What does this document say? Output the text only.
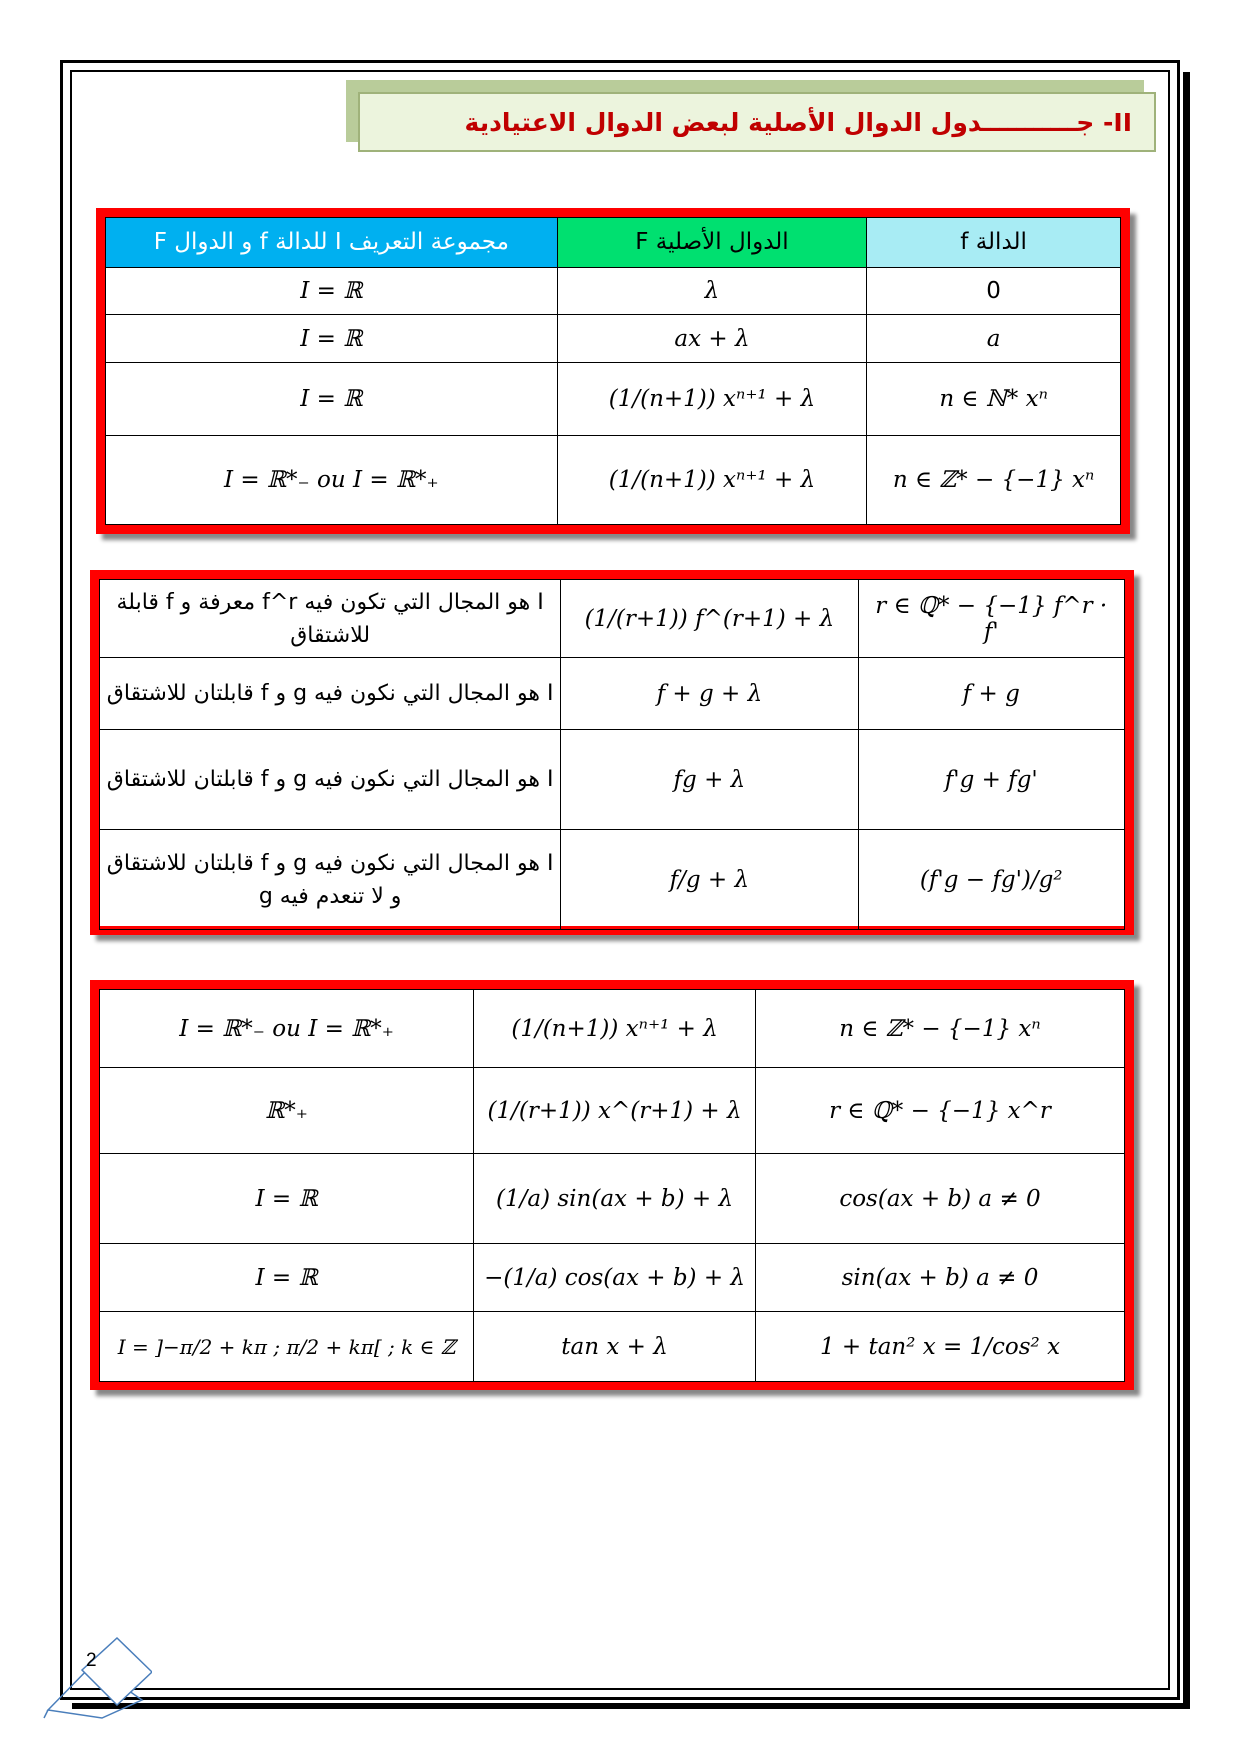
II- جـــــــــــدول الدوال الأصلية لبعض الدوال الاعتيادية
مجموعة التعريف I للدالة f و الدوال F	الدوال الأصلية F	الدالة f
I = ℝ	λ	0
I = ℝ	ax + λ	a
I = ℝ	(1/(n+1)) xⁿ⁺¹ + λ	n ∈ ℕ* xⁿ
I = ℝ*₋ ou I = ℝ*₊	(1/(n+1)) xⁿ⁺¹ + λ	n ∈ ℤ* − {−1} xⁿ
I هو المجال التي تكون فيه f^r معرفة و f قابلة للاشتقاق	(1/(r+1)) f^(r+1) + λ	r ∈ ℚ* − {−1} f^r · f'
I هو المجال التي نكون فيه g و f قابلتان للاشتقاق	f + g + λ	f + g
I هو المجال التي نكون فيه g و f قابلتان للاشتقاق	fg + λ	f'g + fg'
I هو المجال التي نكون فيه g و f قابلتان للاشتقاق و لا تنعدم فيه g	f/g + λ	(f'g − fg')/g²
I = ℝ*₋ ou I = ℝ*₊	(1/(n+1)) xⁿ⁺¹ + λ	n ∈ ℤ* − {−1} xⁿ
ℝ*₊	(1/(r+1)) x^(r+1) + λ	r ∈ ℚ* − {−1} x^r
I = ℝ	(1/a) sin(ax + b) + λ	cos(ax + b) a ≠ 0
I = ℝ	−(1/a) cos(ax + b) + λ	sin(ax + b) a ≠ 0
I = ]−π/2 + kπ ; π/2 + kπ[ ; k ∈ ℤ	tan x + λ	1 + tan² x = 1/cos² x
2
